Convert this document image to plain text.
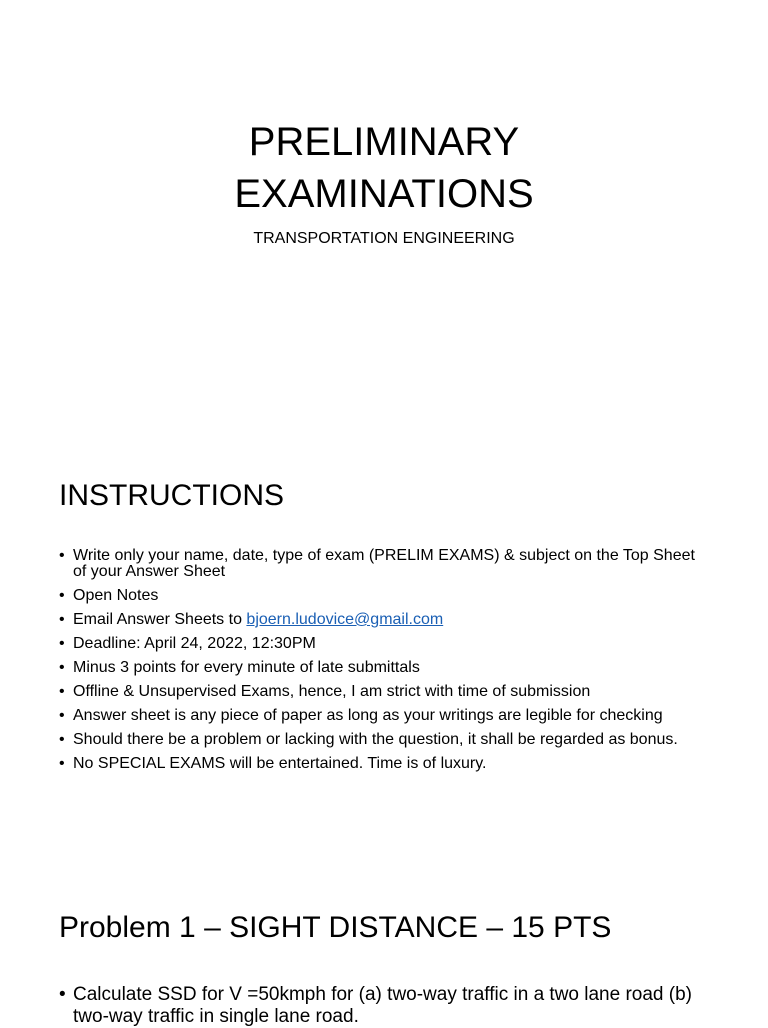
PRELIMINARY
EXAMINATIONS

TRANSPORTATION ENGINEERING

INSTRUCTIONS
• Write only your name, date, type of exam (PRELIM EXAMS) & subject on the Top Sheet of your Answer Sheet
• Open Notes
• Email Answer Sheets to bjoern.ludovice@gmail.com
• Deadline: April 24, 2022, 12:30PM
• Minus 3 points for every minute of late submittals
• Offline & Unsupervised Exams, hence, I am strict with time of submission
• Answer sheet is any piece of paper as long as your writings are legible for checking
• Should there be a problem or lacking with the question, it shall be regarded as bonus.
• No SPECIAL EXAMS will be entertained. Time is of luxury.
Problem 1 – SIGHT DISTANCE – 15 PTS
• Calculate SSD for V =50kmph for (a) two-way traffic in a two lane road (b) two-way traffic in single lane road.
